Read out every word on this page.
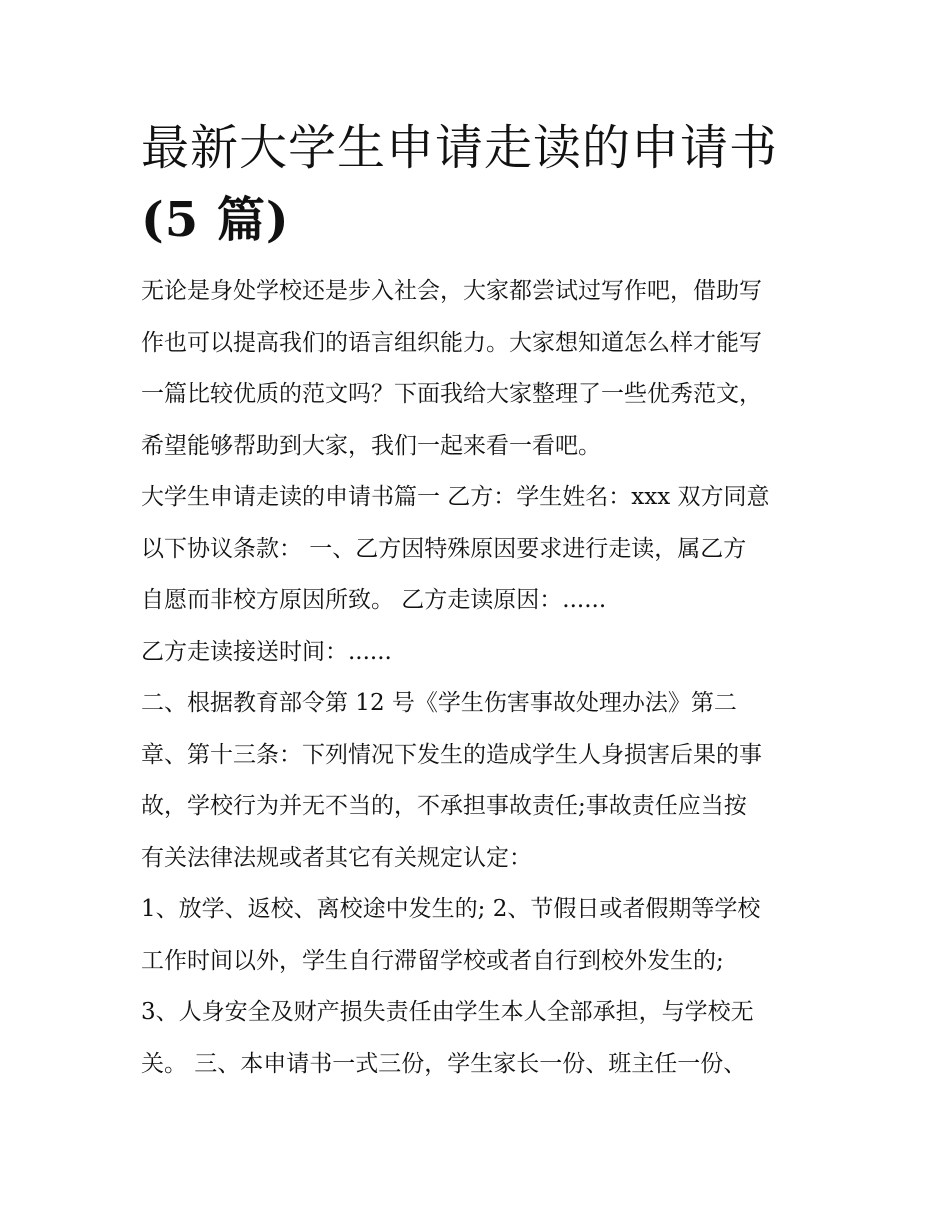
最新大学生申请走读的申请书
(5 篇)

无论是身处学校还是步入社会，大家都尝试过写作吧，借助写
作也可以提高我们的语言组织能力。大家想知道怎么样才能写
一篇比较优质的范文吗？下面我给大家整理了一些优秀范文，
希望能够帮助到大家，我们一起来看一看吧。

大学生申请走读的申请书篇一 乙方：学生姓名：xxx 双方同意
以下协议条款： 一、乙方因特殊原因要求进行走读，属乙方
自愿而非校方原因所致。 乙方走读原因：......

乙方走读接送时间：......

二、根据教育部令第 12 号《学生伤害事故处理办法》第二
章、第十三条：下列情况下发生的造成学生人身损害后果的事
故，学校行为并无不当的，不承担事故责任;事故责任应当按
有关法律法规或者其它有关规定认定：

1、放学、返校、离校途中发生的; 2、节假日或者假期等学校
工作时间以外，学生自行滞留学校或者自行到校外发生的;

3、人身安全及财产损失责任由学生本人全部承担，与学校无
关。 三、本申请书一式三份，学生家长一份、班主任一份、
